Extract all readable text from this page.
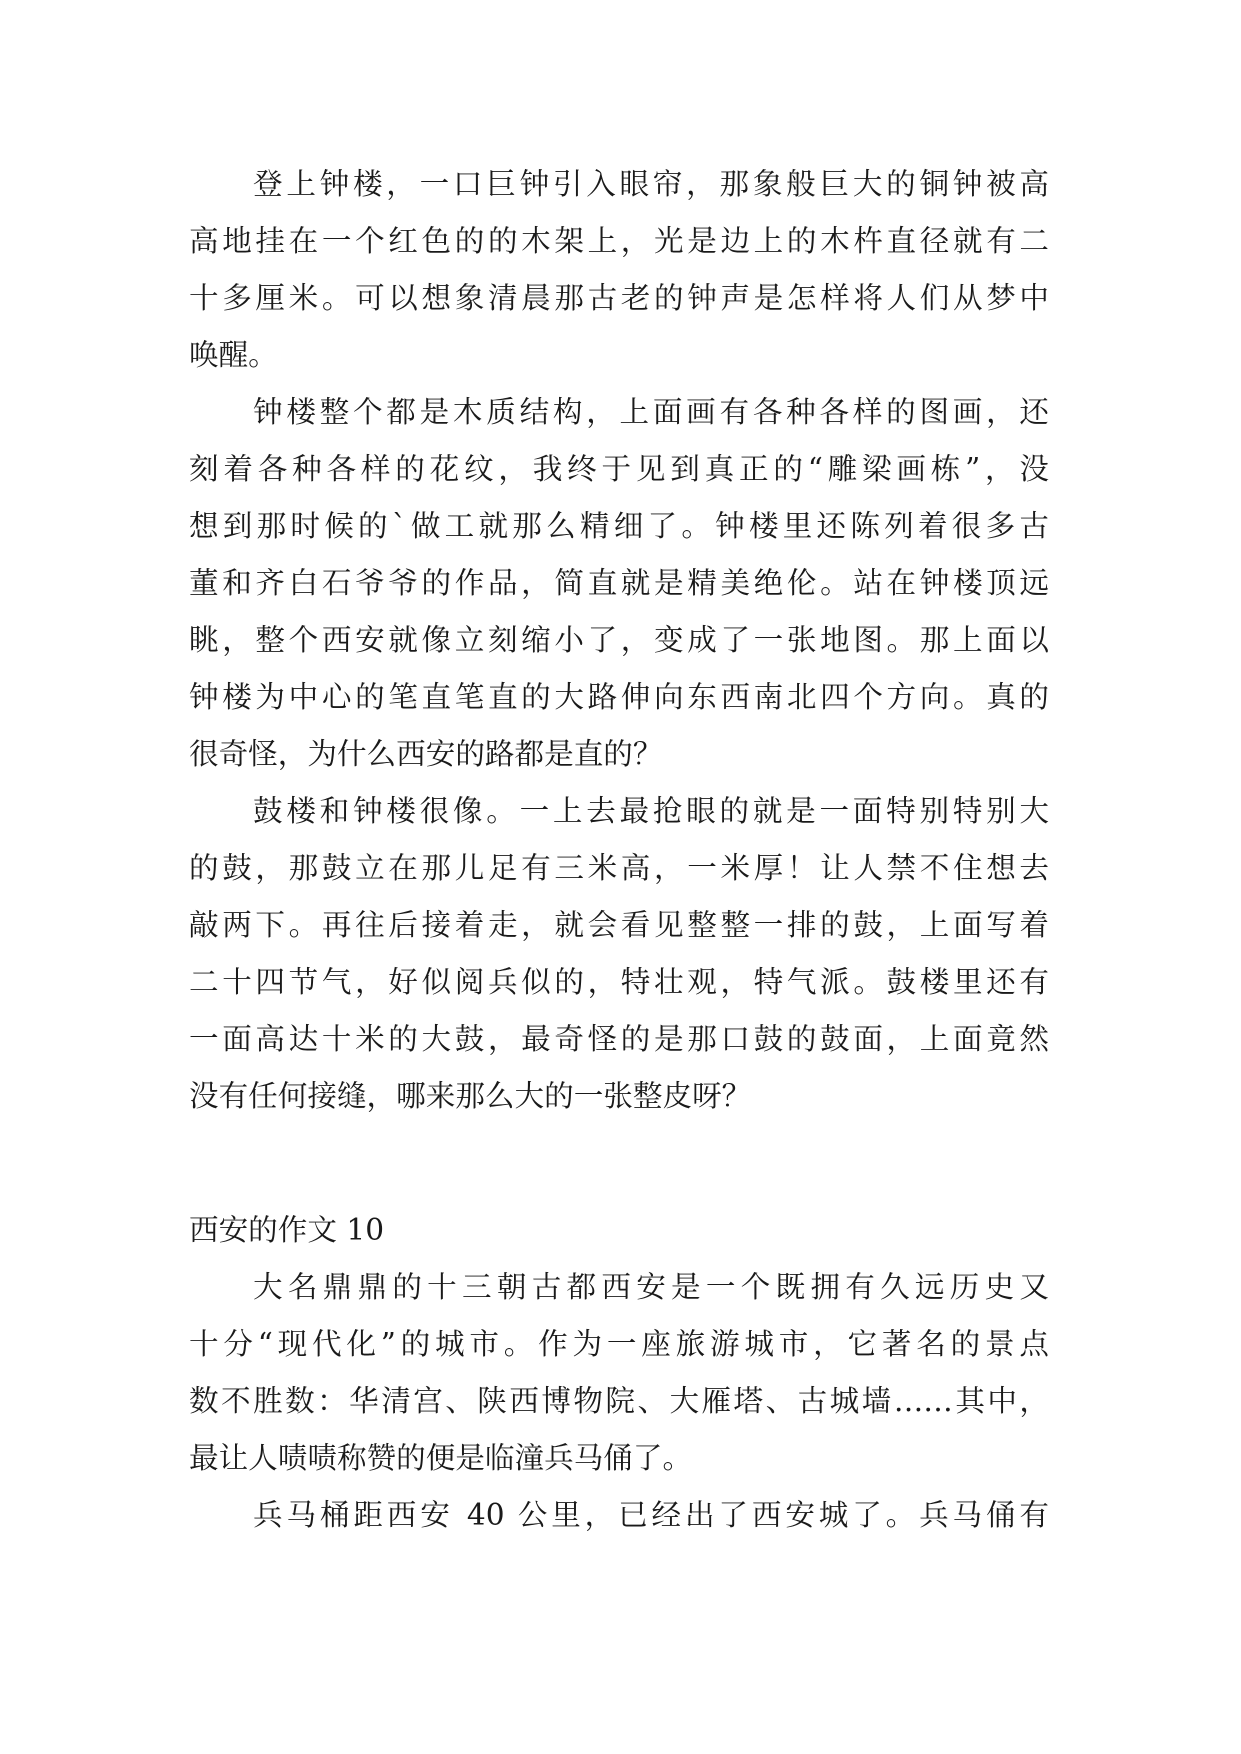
登上钟楼，一口巨钟引入眼帘，那象般巨大的铜钟被高

高地挂在一个红色的的木架上，光是边上的木杵直径就有二

十多厘米。可以想象清晨那古老的钟声是怎样将人们从梦中

唤醒。

钟楼整个都是木质结构，上面画有各种各样的图画，还

刻着各种各样的花纹，我终于见到真正的“雕梁画栋”，没

想到那时候的`做工就那么精细了。钟楼里还陈列着很多古

董和齐白石爷爷的作品，简直就是精美绝伦。站在钟楼顶远

眺，整个西安就像立刻缩小了，变成了一张地图。那上面以

钟楼为中心的笔直笔直的大路伸向东西南北四个方向。真的

很奇怪，为什么西安的路都是直的？

鼓楼和钟楼很像。一上去最抢眼的就是一面特别特别大

的鼓，那鼓立在那儿足有三米高，一米厚！让人禁不住想去

敲两下。再往后接着走，就会看见整整一排的鼓，上面写着

二十四节气，好似阅兵似的，特壮观，特气派。鼓楼里还有

一面高达十米的大鼓，最奇怪的是那口鼓的鼓面，上面竟然

没有任何接缝，哪来那么大的一张整皮呀？

西安的作文 10

大名鼎鼎的十三朝古都西安是一个既拥有久远历史又

十分“现代化”的城市。作为一座旅游城市，它著名的景点

数不胜数：华清宫、陕西博物院、大雁塔、古城墙……其中，

最让人啧啧称赞的便是临潼兵马俑了。

兵马桶距西安 40 公里，已经出了西安城了。兵马俑有
